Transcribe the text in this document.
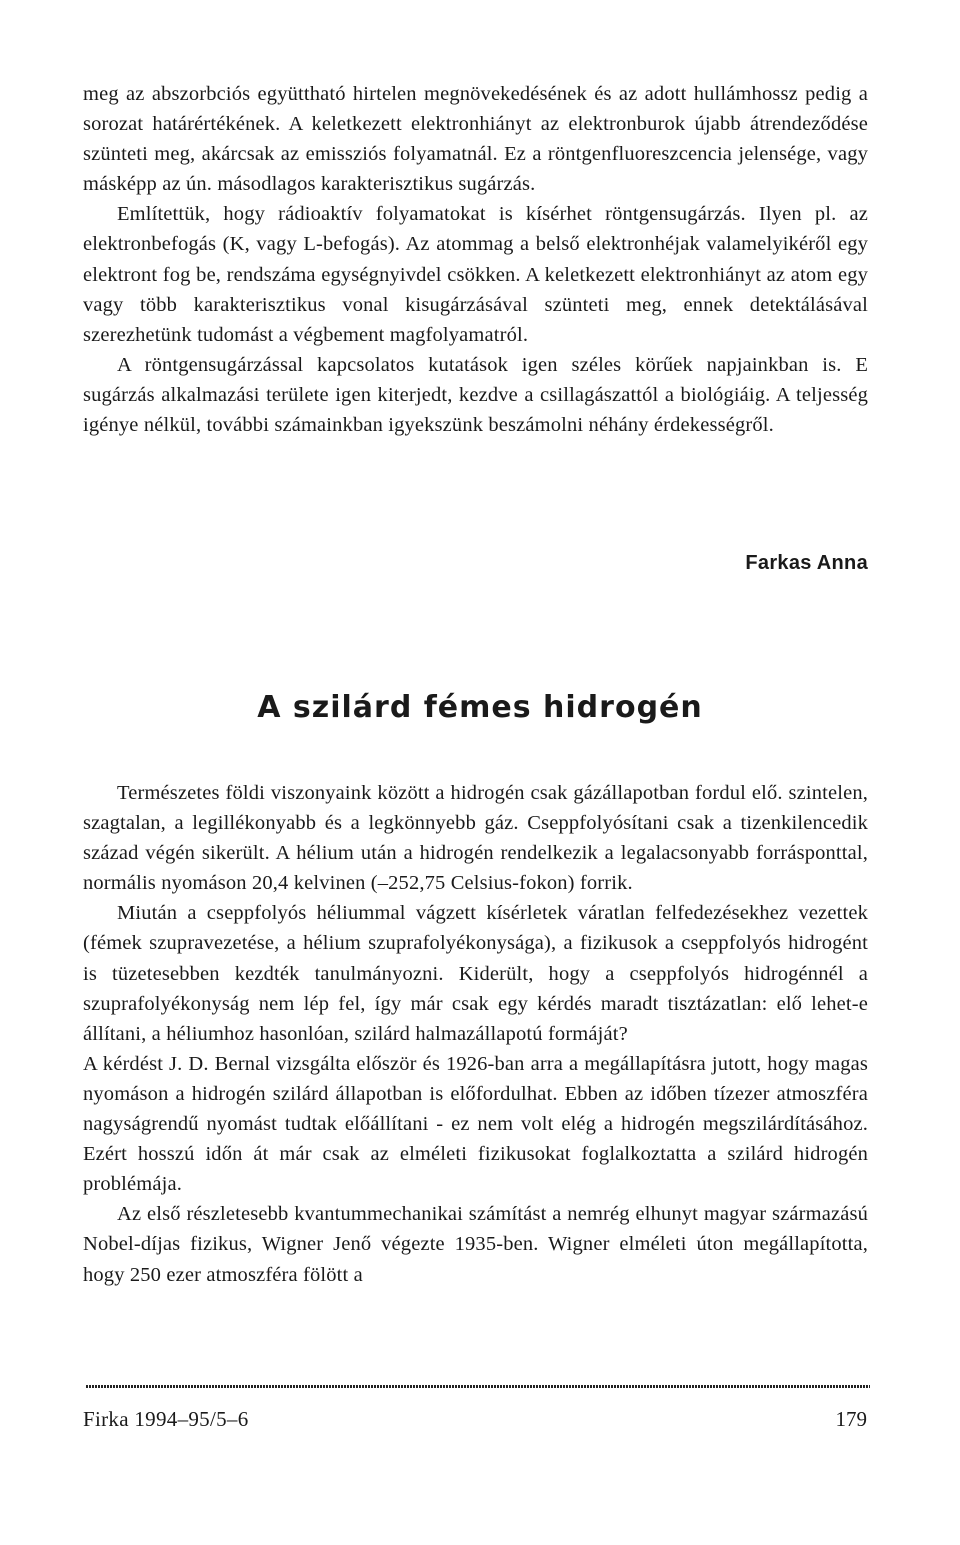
meg az abszorbciós együttható hirtelen megnövekedésének és az adott hullámhossz pedig a sorozat határértékének. A keletkezett elektronhiányt az elektronburok újabb átrendeződése szünteti meg, akárcsak az emissziós folyamatnál. Ez a röntgenfluoreszcencia jelensége, vagy másképp az ún. másodlagos karakterisztikus sugárzás.

Említettük, hogy rádioaktív folyamatokat is kísérhet röntgensugárzás. Ilyen pl. az elektronbefogás (K, vagy L-befogás). Az atommag a belső elektronhéjak valamelyikéről egy elektront fog be, rendszáma egységnyivdel csökken. A keletkezett elektronhiányt az atom egy vagy több karakterisztikus vonal kisugárzásával szünteti meg, ennek detektálásával szerezhetünk tudomást a végbement magfolyamatról.

A röntgensugárzással kapcsolatos kutatások igen széles körűek napjainkban is. E sugárzás alkalmazási területe igen kiterjedt, kezdve a csillagászattól a biológiáig. A teljesség igénye nélkül, további számainkban igyekszünk beszámolni néhány érdekességről.

Farkas Anna
A szilárd fémes hidrogén

Természetes földi viszonyaink között a hidrogén csak gázállapotban fordul elő. szintelen, szagtalan, a legillékonyabb és a legkönnyebb gáz. Cseppfolyósítani csak a tizenkilencedik század végén sikerült. A hélium után a hidrogén rendelkezik a legalacsonyabb forrásponttal, normális nyomáson 20,4 kelvinen (–252,75 Celsius-fokon) forrik.

Miután a cseppfolyós héliummal vágzett kísérletek váratlan felfedezésekhez vezettek (fémek szupravezetése, a hélium szuprafolyékonysága), a fizikusok a cseppfolyós hidrogént is tüzetesebben kezdték tanulmányozni. Kiderült, hogy a cseppfolyós hidrogénnél a szuprafolyékonyság nem lép fel, így már csak egy kérdés maradt tisztázatlan: elő lehet-e állítani, a héliumhoz hasonlóan, szilárd halmazállapotú formáját?

A kérdést J. D. Bernal vizsgálta először és 1926-ban arra a megállapításra jutott, hogy magas nyomáson a hidrogén szilárd állapotban is előfordulhat. Ebben az időben tízezer atmoszféra nagyságrendű nyomást tudtak előállítani - ez nem volt elég a hidrogén megszilárdításához. Ezért hosszú időn át már csak az elméleti fizikusokat foglalkoztatta a szilárd hidrogén problémája.

Az első részletesebb kvantummechanikai számítást a nemrég elhunyt magyar származású Nobel-díjas fizikus, Wigner Jenő végezte 1935-ben. Wigner elméleti úton megállapította, hogy 250 ezer atmoszféra fölött a

Firka 1994–95/5–6	179
